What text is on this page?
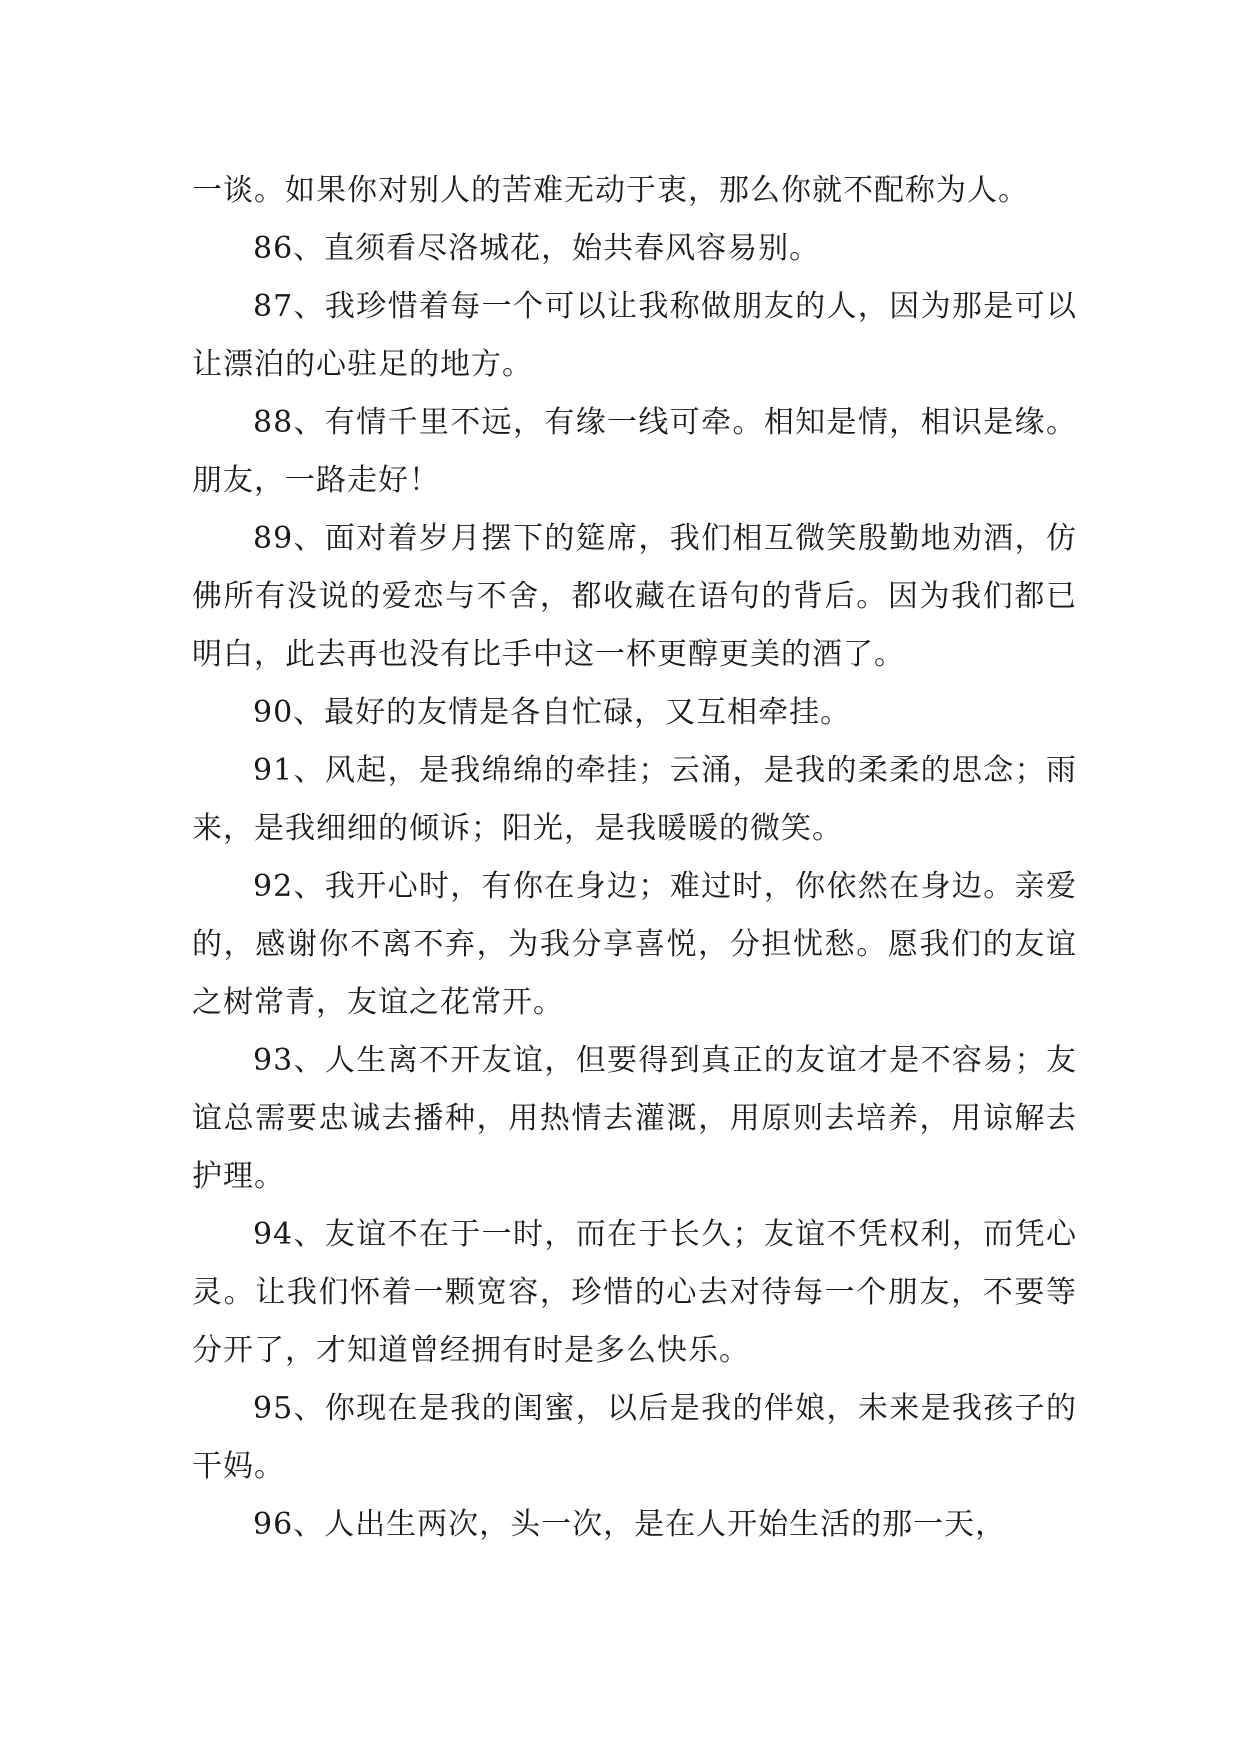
一谈。如果你对别人的苦难无动于衷，那么你就不配称为人。

86、直须看尽洛城花，始共春风容易别。

87、我珍惜着每一个可以让我称做朋友的人，因为那是可以让漂泊的心驻足的地方。

88、有情千里不远，有缘一线可牵。相知是情，相识是缘。朋友，一路走好！

89、面对着岁月摆下的筵席，我们相互微笑殷勤地劝酒，仿佛所有没说的爱恋与不舍，都收藏在语句的背后。因为我们都已明白，此去再也没有比手中这一杯更醇更美的酒了。

90、最好的友情是各自忙碌，又互相牵挂。

91、风起，是我绵绵的牵挂；云涌，是我的柔柔的思念；雨来，是我细细的倾诉；阳光，是我暖暖的微笑。

92、我开心时，有你在身边；难过时，你依然在身边。亲爱的，感谢你不离不弃，为我分享喜悦，分担忧愁。愿我们的友谊之树常青，友谊之花常开。

93、人生离不开友谊，但要得到真正的友谊才是不容易；友谊总需要忠诚去播种，用热情去灌溉，用原则去培养，用谅解去护理。

94、友谊不在于一时，而在于长久；友谊不凭权利，而凭心灵。让我们怀着一颗宽容，珍惜的心去对待每一个朋友，不要等分开了，才知道曾经拥有时是多么快乐。

95、你现在是我的闺蜜，以后是我的伴娘，未来是我孩子的干妈。

96、人出生两次，头一次，是在人开始生活的那一天，
